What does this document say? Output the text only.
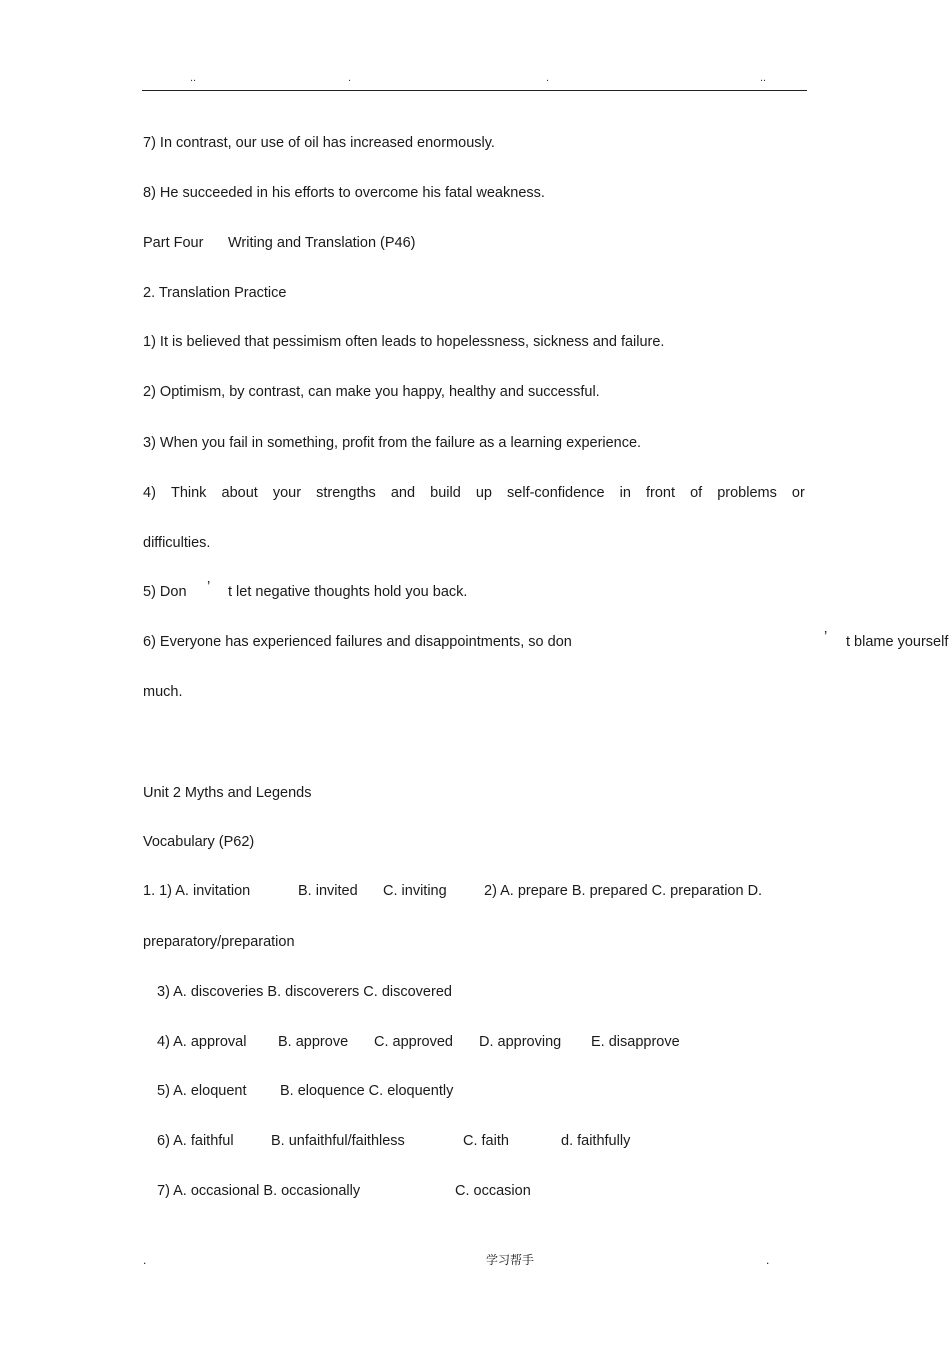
..	.	.	..
7) In contrast, our use of oil has increased enormously.
8) He succeeded in his efforts to overcome his fatal weakness.
Part Four Writing and Translation (P46)
2. Translation Practice
1) It is believed that pessimism often leads to hopelessness, sickness and failure.
2) Optimism, by contrast, can make you happy, healthy and successful.
3) When you fail in something, profit from the failure as a learning experience.
4) Think about your strengths and build up self-confidence in front of problems or
difficulties.
5) Don ’ t let negative thoughts hold you back.
6) Everyone has experienced failures and disappointments, so don	’ t blame yourself
much.
Unit 2 Myths and Legends
Vocabulary (P62)
1. 1) A. invitation	B. invited C. inviting	2) A. prepare B. prepared C. preparation D.
preparatory/preparation
3) A. discoveries B. discoverers C. discovered
4) A. approval B. approve C. approved D. approving E. disapprove
5) A. eloquent B. eloquence C. eloquently
6) A. faithful	B. unfaithful/faithless	C. faith	d. faithfully
7) A. occasional B. occasionally	C. occasion
.	学习帮手	.
